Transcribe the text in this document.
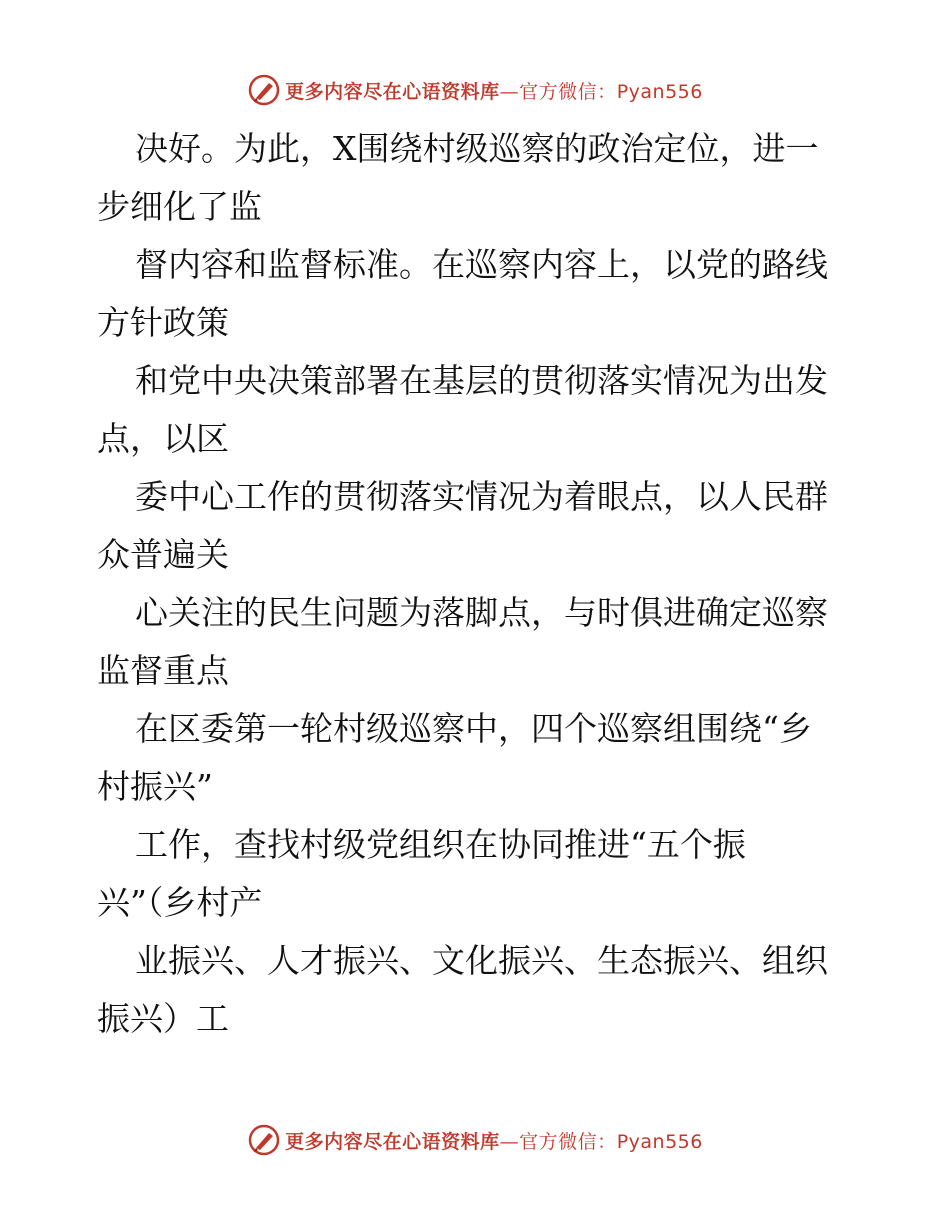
更多内容尽在心语资料库—官方微信：Pyan556
决好。为此，X围绕村级巡察的政治定位，进一
步细化了监
督内容和监督标准。在巡察内容上，以党的路线
方针政策
和党中央决策部署在基层的贯彻落实情况为出发
点，以区
委中心工作的贯彻落实情况为着眼点，以人民群
众普遍关
心关注的民生问题为落脚点，与时俱进确定巡察
监督重点
在区委第一轮村级巡察中，四个巡察组围绕“乡
村振兴”
工作，查找村级党组织在协同推进“五个振
兴”（乡村产
业振兴、人才振兴、文化振兴、生态振兴、组织
振兴）工
更多内容尽在心语资料库—官方微信：Pyan556
